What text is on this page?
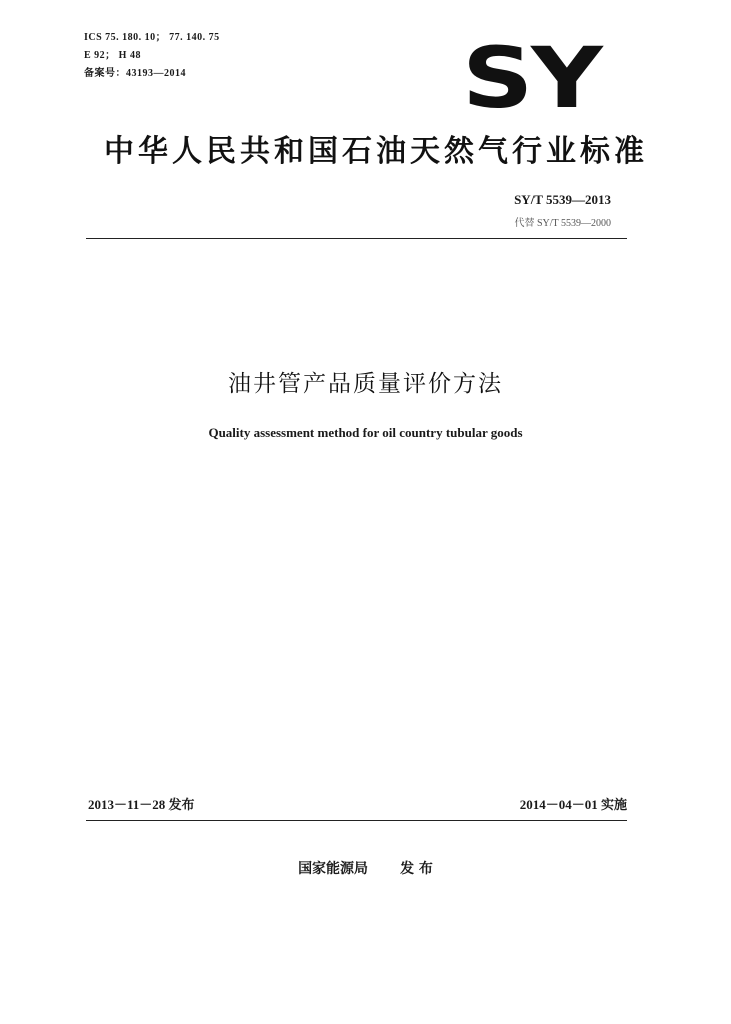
ICS 75. 180. 10； 77. 140. 75
E 92； H 48
备案号：43193—2014	SY
中华人民共和国石油天然气行业标准
SY/T 5539—2013
代替 SY/T 5539—2000
油井管产品质量评价方法
Quality assessment method for oil country tubular goods
2013－11－28 发布	2014－04－01 实施
国家能源局 发 布
